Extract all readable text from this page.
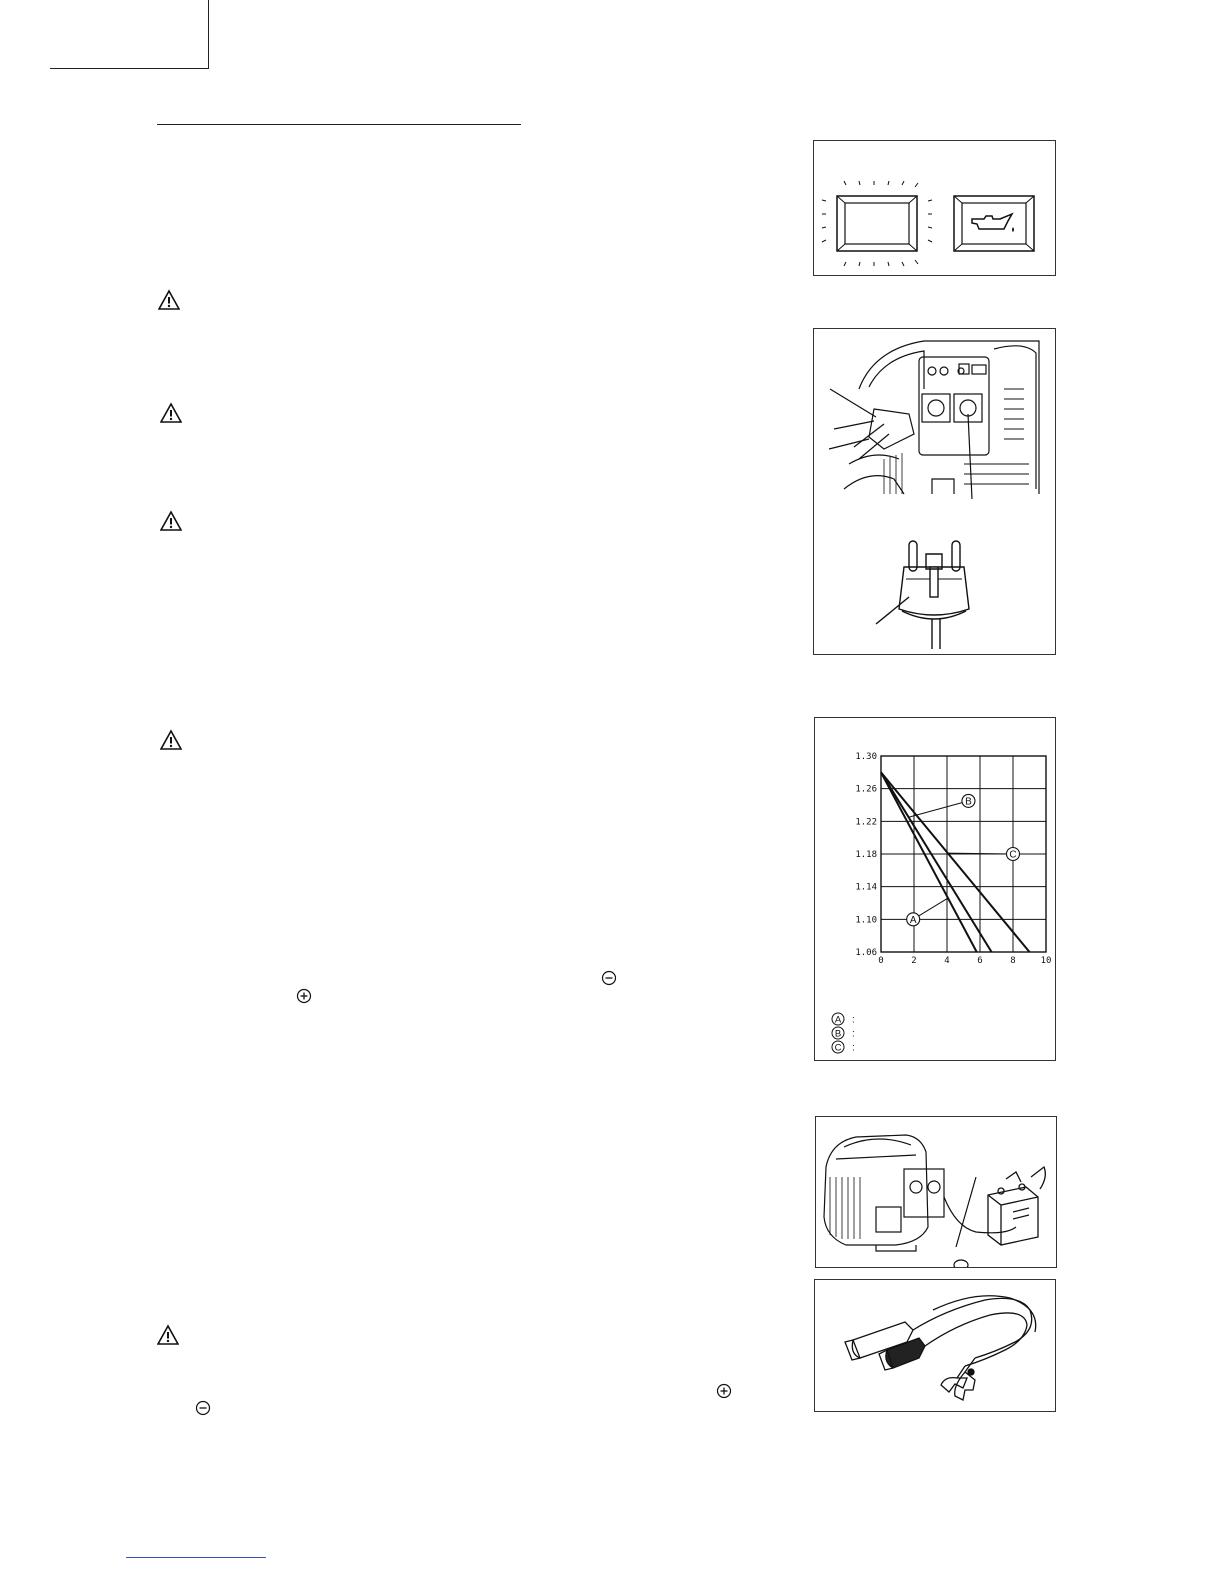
1.30
1.26
1.22
1.18
1.14
1.10
1.06
0	2	4	6	8	10
A
B
C
A :
B :
C :
